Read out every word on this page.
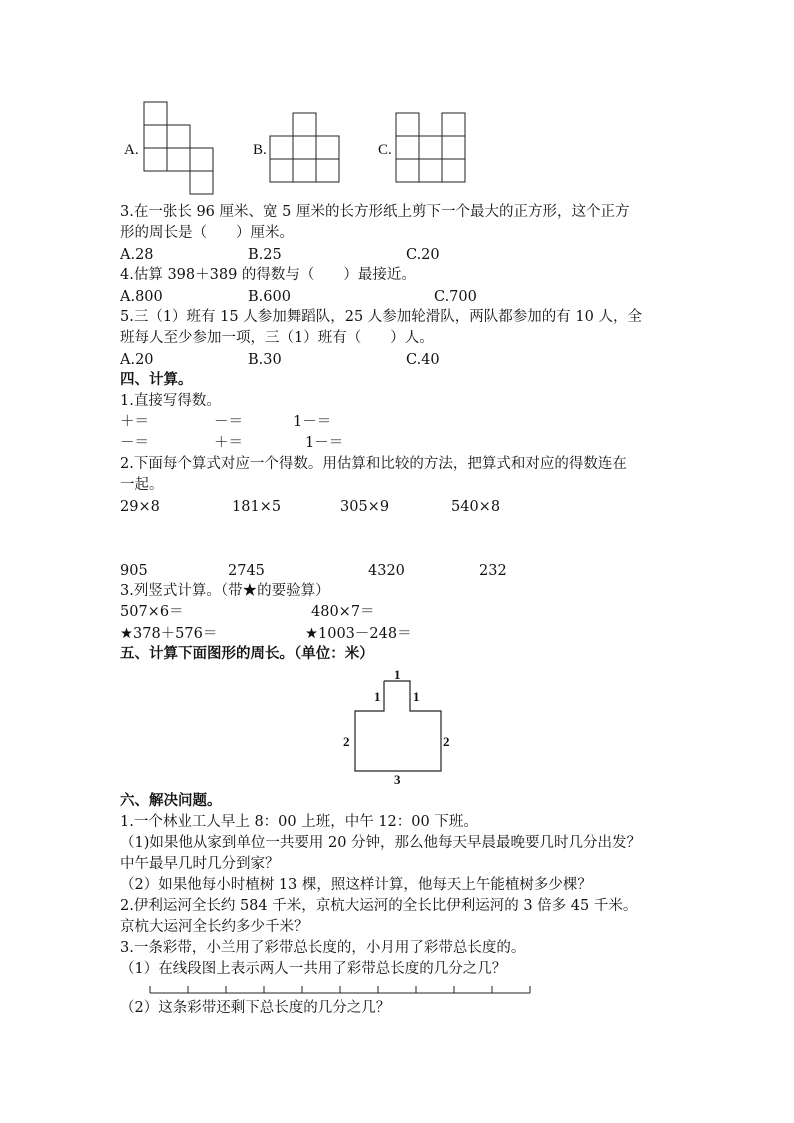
A.	B.	C.
3.在一张长 96 厘米、宽 5 厘米的长方形纸上剪下一个最大的正方形，这个正方
形的周长是（　　）厘米。
A.28	B.25	C.20
4.估算 398＋389 的得数与（　　）最接近。
A.800	B.600	C.700
5.三（1）班有 15 人参加舞蹈队，25 人参加轮滑队，两队都参加的有 10 人，全
班每人至少参加一项，三（1）班有（　　）人。
A.20	B.30	C.40
四、计算。
1.直接写得数。
＋＝	－＝	1－＝
－＝	＋＝	1－＝
2.下面每个算式对应一个得数。用估算和比较的方法，把算式和对应的得数连在
一起。
29×8	181×5	305×9	540×8
905	2745	4320	232
3.列竖式计算。（带★的要验算）
507×6＝	480×7＝
★378＋576＝	★1003－248＝
五、计算下面图形的周长。（单位：米）
1
1	1
2	2
3
六、解决问题。
1.一个林业工人早上 8：00 上班，中午 12：00 下班。
（1)如果他从家到单位一共要用 20 分钟，那么他每天早晨最晚要几时几分出发？
中午最早几时几分到家？
（2）如果他每小时植树 13 棵，照这样计算，他每天上午能植树多少棵？
2.伊利运河全长约 584 千米，京杭大运河的全长比伊利运河的 3 倍多 45 千米。
京杭大运河全长约多少千米？
3.一条彩带，小兰用了彩带总长度的，小月用了彩带总长度的。
（1）在线段图上表示两人一共用了彩带总长度的几分之几？
（2）这条彩带还剩下总长度的几分之几？
